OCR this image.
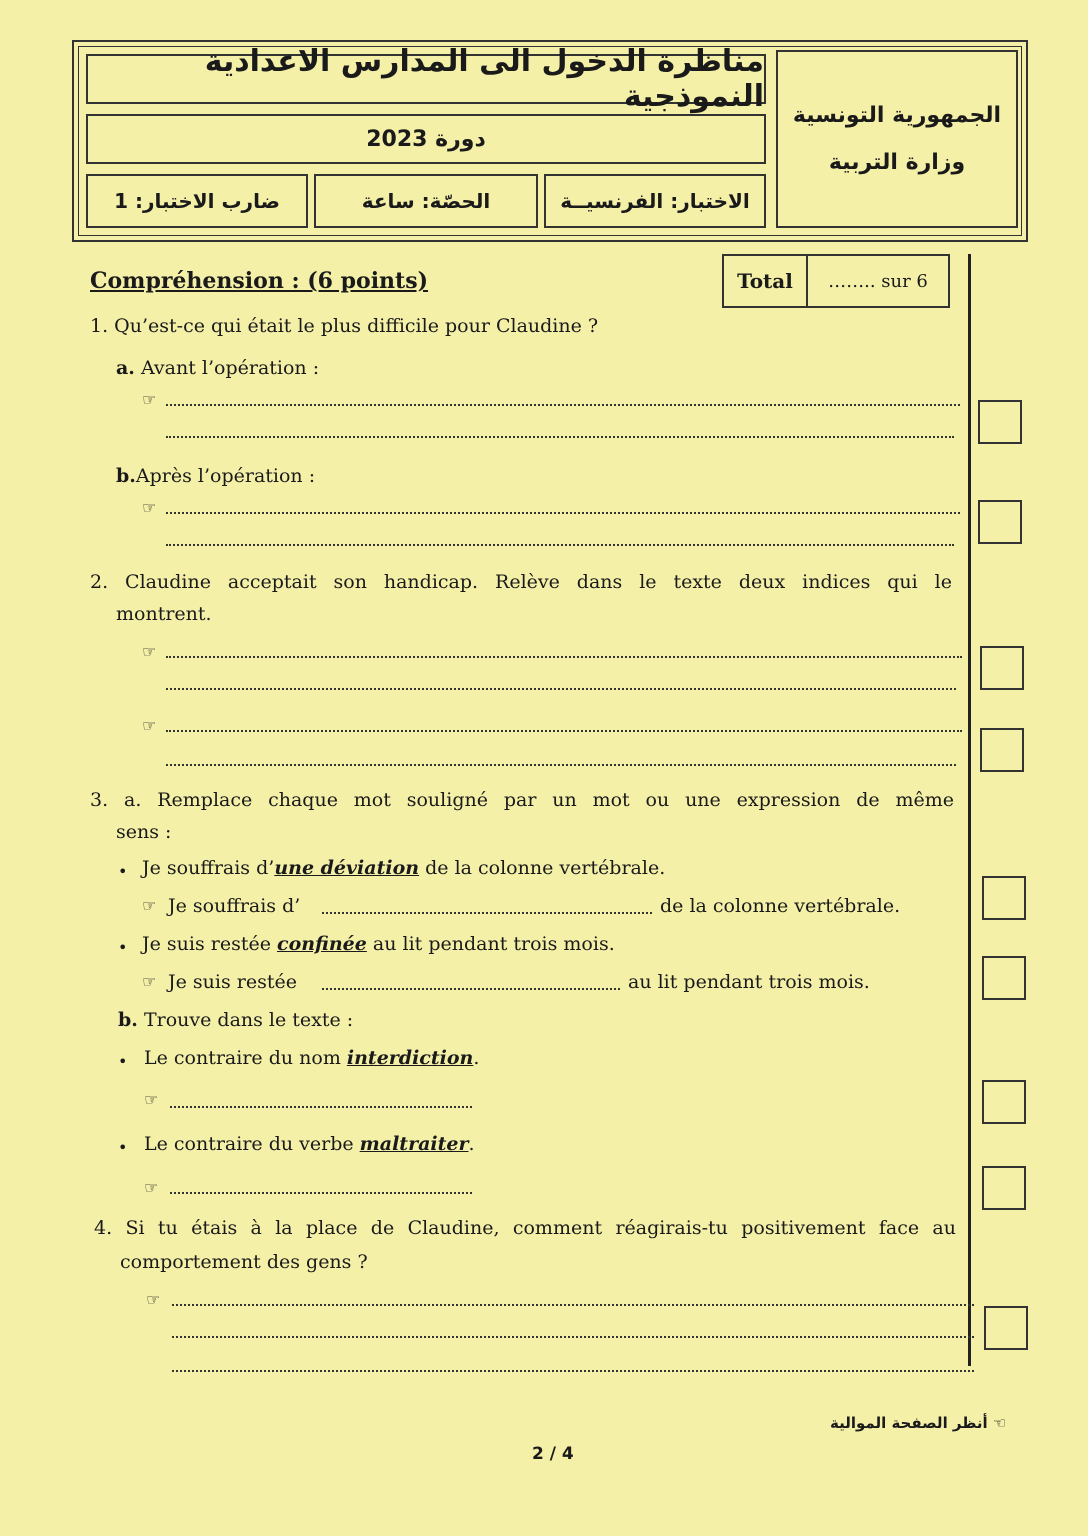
الجمهورية التونسية
وزارة التربية
مناظرة الدخول الى المدارس الاعدادية النموذجية
دورة 2023
الاختبار: الفرنسيــة
الحصّة: ساعة
ضارب الاختبار: 1
Compréhension : (6 points)	Total	…….. sur 6
1. Qu’est-ce qui était le plus difficile pour Claudine ?
a. Avant l’opération :
☞
b.Après l’opération :
☞
2. Claudine acceptait son handicap. Relève dans le texte deux indices qui le
montrent.
☞
☞
3. a. Remplace chaque mot souligné par un mot ou une expression de même
sens :
• Je souffrais d’une déviation de la colonne vertébrale.
☞ Je souffrais d’	de la colonne vertébrale.
• Je suis restée confinée au lit pendant trois mois.
☞ Je suis restée	au lit pendant trois mois.
b. Trouve dans le texte :
• Le contraire du nom interdiction.
☞
• Le contraire du verbe maltraiter.
☞
4. Si tu étais à la place de Claudine, comment réagirais-tu positivement face au
comportement des gens ?
☞
☜ أنظر الصفحة الموالية
2 / 4
